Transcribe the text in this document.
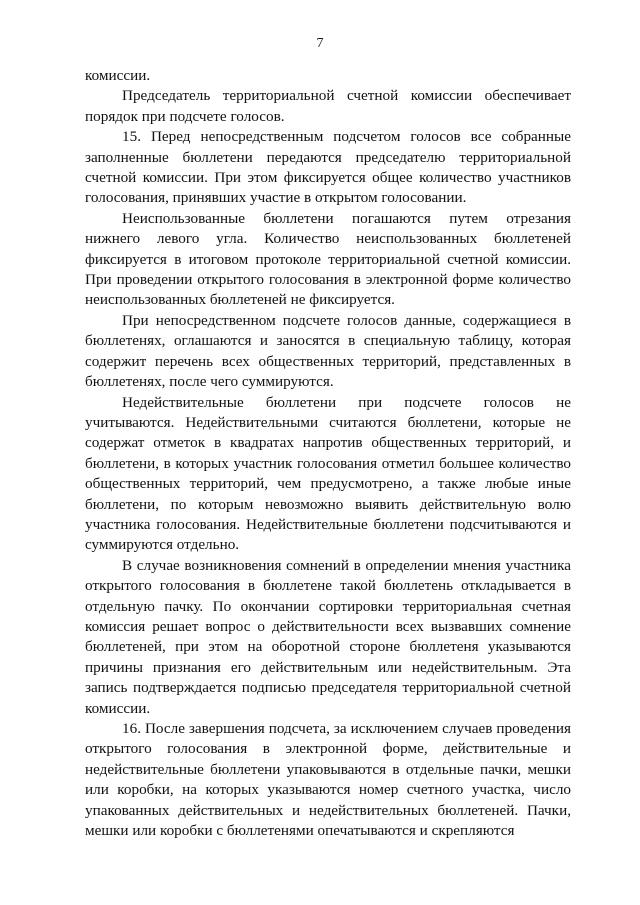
7

комиссии.

Председатель территориальной счетной комиссии обеспечивает порядок при подсчете голосов.

15. Перед непосредственным подсчетом голосов все собранные заполненные бюллетени передаются председателю территориальной счетной комиссии. При этом фиксируется общее количество участников голосования, принявших участие в открытом голосовании.

Неиспользованные бюллетени погашаются путем отрезания нижнего левого угла. Количество неиспользованных бюллетеней фиксируется в итоговом протоколе территориальной счетной комиссии. При проведении открытого голосования в электронной форме количество неиспользованных бюллетеней не фиксируется.

При непосредственном подсчете голосов данные, содержащиеся в бюллетенях, оглашаются и заносятся в специальную таблицу, которая содержит перечень всех общественных территорий, представленных в бюллетенях, после чего суммируются.

Недействительные бюллетени при подсчете голосов не учитываются. Недействительными считаются бюллетени, которые не содержат отметок в квадратах напротив общественных территорий, и бюллетени, в которых участник голосования отметил большее количество общественных территорий, чем предусмотрено, а также любые иные бюллетени, по которым невозможно выявить действительную волю участника голосования. Недействительные бюллетени подсчитываются и суммируются отдельно.

В случае возникновения сомнений в определении мнения участника открытого голосования в бюллетене такой бюллетень откладывается в отдельную пачку. По окончании сортировки территориальная счетная комиссия решает вопрос о действительности всех вызвавших сомнение бюллетеней, при этом на оборотной стороне бюллетеня указываются причины признания его действительным или недействительным. Эта запись подтверждается подписью председателя территориальной счетной комиссии.

16. После завершения подсчета, за исключением случаев проведения открытого голосования в электронной форме, действительные и недействительные бюллетени упаковываются в отдельные пачки, мешки или коробки, на которых указываются номер счетного участка, число упакованных действительных и недействительных бюллетеней. Пачки, мешки или коробки с бюллетенями опечатываются и скрепляются
